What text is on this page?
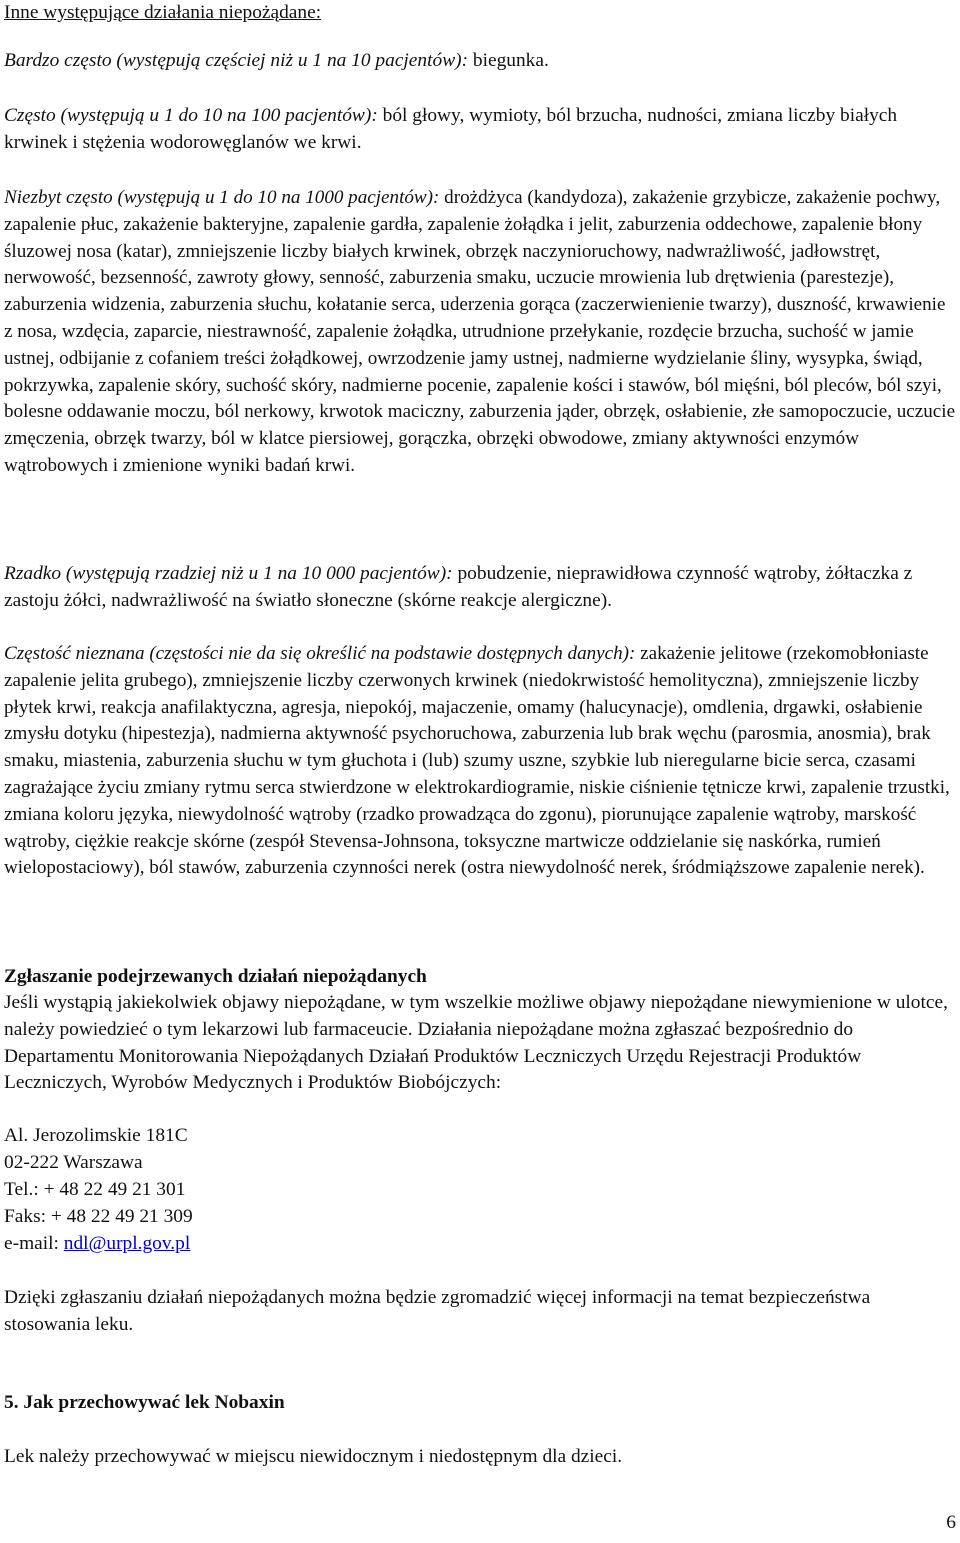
Inne występujące działania niepożądane:

Bardzo często (występują częściej niż u 1 na 10 pacjentów): biegunka.

Często (występują u 1 do 10 na 100 pacjentów): ból głowy, wymioty, ból brzucha, nudności, zmiana liczby białych krwinek i stężenia wodorowęglanów we krwi.

Niezbyt często (występują u 1 do 10 na 1000 pacjentów): drożdżyca (kandydoza), zakażenie grzybicze, zakażenie pochwy, zapalenie płuc, zakażenie bakteryjne, zapalenie gardła, zapalenie żołądka i jelit, zaburzenia oddechowe, zapalenie błony śluzowej nosa (katar), zmniejszenie liczby białych krwinek, obrzęk naczynioruchowy, nadwrażliwość, jadłowstręt, nerwowość, bezsenność, zawroty głowy, senność, zaburzenia smaku, uczucie mrowienia lub drętwienia (parestezje), zaburzenia widzenia, zaburzenia słuchu, kołatanie serca, uderzenia gorąca (zaczerwienienie twarzy), duszność, krwawienie z nosa, wzdęcia, zaparcie, niestrawność, zapalenie żołądka, utrudnione przełykanie, rozdęcie brzucha, suchość w jamie ustnej, odbijanie z cofaniem treści żołądkowej, owrzodzenie jamy ustnej, nadmierne wydzielanie śliny, wysypka, świąd, pokrzywka, zapalenie skóry, suchość skóry, nadmierne pocenie, zapalenie kości i stawów, ból mięśni, ból pleców, ból szyi, bolesne oddawanie moczu, ból nerkowy, krwotok maciczny, zaburzenia jąder, obrzęk, osłabienie, złe samopoczucie, uczucie zmęczenia, obrzęk twarzy, ból w klatce piersiowej, gorączka, obrzęki obwodowe, zmiany aktywności enzymów wątrobowych i zmienione wyniki badań krwi.

Rzadko (występują rzadziej niż u 1 na 10 000 pacjentów): pobudzenie, nieprawidłowa czynność wątroby, żółtaczka z zastoju żółci, nadwrażliwość na światło słoneczne (skórne reakcje alergiczne).

Częstość nieznana (częstości nie da się określić na podstawie dostępnych danych): zakażenie jelitowe (rzekomobłoniaste zapalenie jelita grubego), zmniejszenie liczby czerwonych krwinek (niedokrwistość hemolityczna), zmniejszenie liczby płytek krwi, reakcja anafilaktyczna, agresja, niepokój, majaczenie, omamy (halucynacje), omdlenia, drgawki, osłabienie zmysłu dotyku (hipestezja), nadmierna aktywność psychoruchowa, zaburzenia lub brak węchu (parosmia, anosmia), brak smaku, miastenia, zaburzenia słuchu w tym głuchota i (lub) szumy uszne, szybkie lub nieregularne bicie serca, czasami zagrażające życiu zmiany rytmu serca stwierdzone w elektrokardiogramie, niskie ciśnienie tętnicze krwi, zapalenie trzustki, zmiana koloru języka, niewydolność wątroby (rzadko prowadząca do zgonu), piorunujące zapalenie wątroby, marskość wątroby, ciężkie reakcje skórne (zespół Stevensa-Johnsona, toksyczne martwicze oddzielanie się naskórka, rumień wielopostaciowy), ból stawów, zaburzenia czynności nerek (ostra niewydolność nerek, śródmiąższowe zapalenie nerek).

Zgłaszanie podejrzewanych działań niepożądanych

Jeśli wystąpią jakiekolwiek objawy niepożądane, w tym wszelkie możliwe objawy niepożądane niewymienione w ulotce, należy powiedzieć o tym lekarzowi lub farmaceucie. Działania niepożądane można zgłaszać bezpośrednio do Departamentu Monitorowania Niepożądanych Działań Produktów Leczniczych Urzędu Rejestracji Produktów Leczniczych, Wyrobów Medycznych i Produktów Biobójczych:

Al. Jerozolimskie 181C

02-222 Warszawa

Tel.: + 48 22 49 21 301

Faks: + 48 22 49 21 309

e-mail: ndl@urpl.gov.pl

Dzięki zgłaszaniu działań niepożądanych można będzie zgromadzić więcej informacji na temat bezpieczeństwa stosowania leku.

5. Jak przechowywać lek Nobaxin

Lek należy przechowywać w miejscu niewidocznym i niedostępnym dla dzieci.

6
